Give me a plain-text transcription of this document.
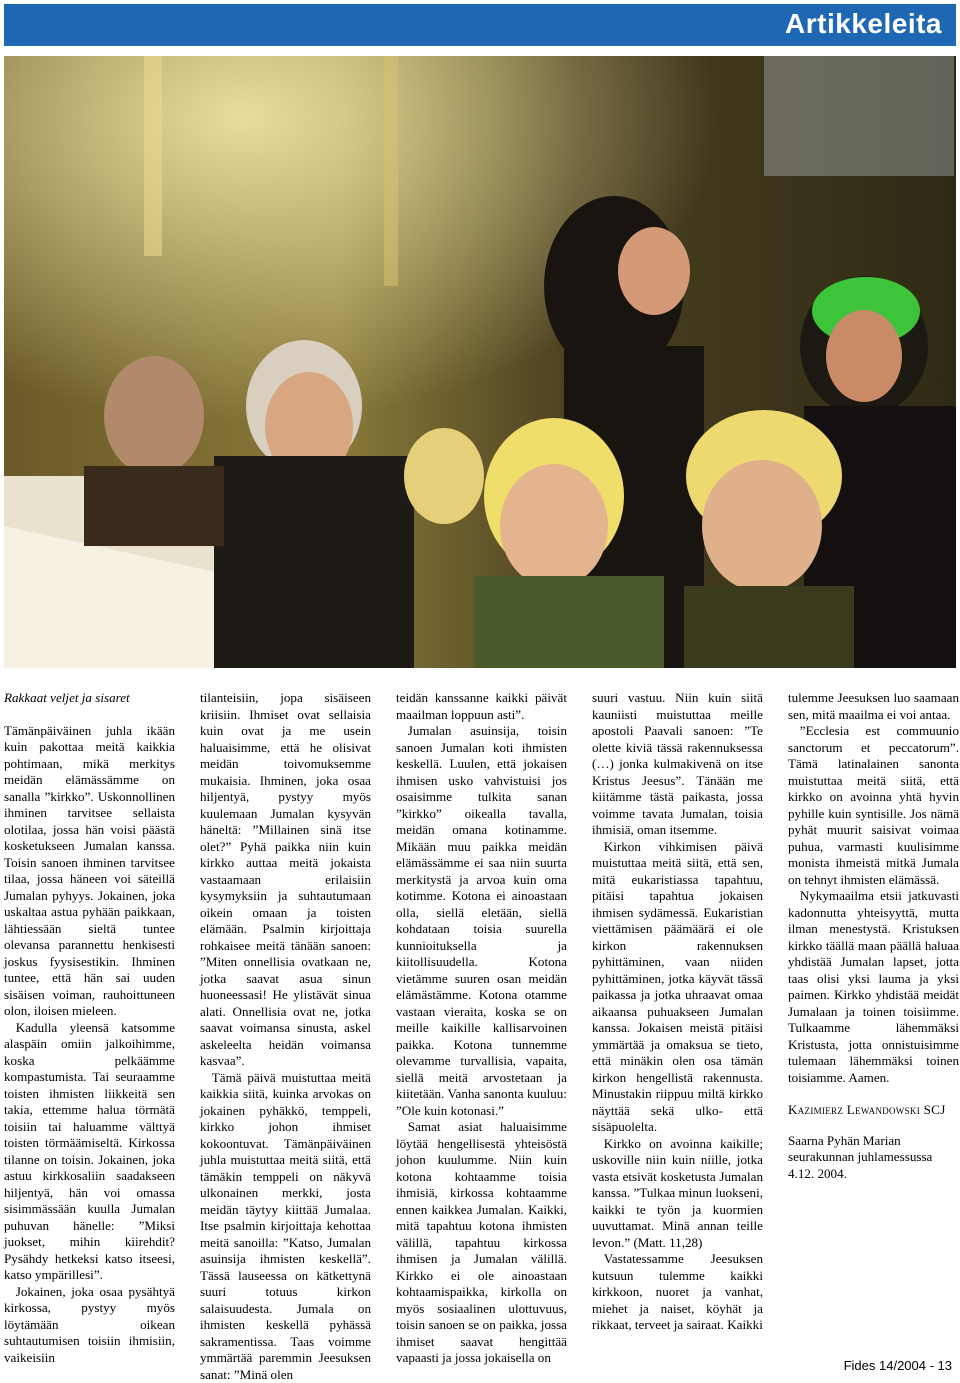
Artikkeleita

Rakkaat veljet ja sisaret

Tämänpäiväinen juhla ikään kuin pakottaa meitä kaikkia pohtimaan, mikä merkitys meidän elämässämme on sanalla ”kirkko”. Uskonnollinen ihminen tarvitsee sellaista olotilaa, jossa hän voisi päästä kosketukseen Jumalan kanssa. Toisin sanoen ihminen tarvitsee tilaa, jossa häneen voi säteillä Jumalan pyhyys. Jokainen, joka uskaltaa astua pyhään paikkaan, lähtiessään sieltä tuntee olevansa parannettu henkisesti joskus fyysisestikin. Ihminen tuntee, että hän sai uuden sisäisen voiman, rauhoittuneen olon, iloisen mieleen.

Kadulla yleensä katsomme alaspäin omiin jalkoihimme, koska pelkäämme kompastumista. Tai seuraamme toisten ihmisten liikkeitä sen takia, ettemme halua törmätä toisiin tai haluamme välttyä toisten törmäämiseltä. Kirkossa tilanne on toisin. Jokainen, joka astuu kirkkosaliin saadakseen hiljentyä, hän voi omassa sisimmässään kuulla Jumalan puhuvan hänelle: ”Miksi juokset, mihin kiirehdit? Pysähdy hetkeksi katso itseesi, katso ympärillesi”.

Jokainen, joka osaa pysähtyä kirkossa, pystyy myös löytämään oikean suhtautumisen toisiin ihmisiin, vaikeisiin

tilanteisiin, jopa sisäiseen kriisiin. Ihmiset ovat sellaisia kuin ovat ja me usein haluaisimme, että he olisivat meidän toivomuksemme mukaisia. Ihminen, joka osaa hiljentyä, pystyy myös kuulemaan Jumalan kysyvän häneltä: ”Millainen sinä itse olet?” Pyhä paikka niin kuin kirkko auttaa meitä jokaista vastaamaan erilaisiin kysymyksiin ja suhtautumaan oikein omaan ja toisten elämään. Psalmin kirjoittaja rohkaisee meitä tänään sanoen: ”Miten onnellisia ovatkaan ne, jotka saavat asua sinun huoneessasi! He ylistävät sinua alati. Onnellisia ovat ne, jotka saavat voimansa sinusta, askel askeleelta heidän voimansa kasvaa”.

Tämä päivä muistuttaa meitä kaikkia siitä, kuinka arvokas on jokainen pyhäkkö, temppeli, kirkko johon ihmiset kokoontuvat. Tämänpäiväinen juhla muistuttaa meitä siitä, että tämäkin temppeli on näkyvä ulkonainen merkki, josta meidän täytyy kiittää Jumalaa. Itse psalmin kirjoittaja kehottaa meitä sanoilla: ”Katso, Jumalan asuinsija ihmisten keskellä”. Tässä lauseessa on kätkettynä suuri totuus kirkon salaisuudesta. Jumala on ihmisten keskellä pyhässä sakramentissa. Taas voimme ymmärtää paremmin Jeesuksen sanat: ”Minä olen

teidän kanssanne kaikki päivät maailman loppuun asti”.

Jumalan asuinsija, toisin sanoen Jumalan koti ihmisten keskellä. Luulen, että jokaisen ihmisen usko vahvistuisi jos osaisimme tulkita sanan ”kirkko” oikealla tavalla, meidän omana kotinamme. Mikään muu paikka meidän elämässämme ei saa niin suurta merkitystä ja arvoa kuin oma kotimme. Kotona ei ainoastaan olla, siellä eletään, siellä kohdataan toisia suurella kunnioituksella ja kiitollisuudella. Kotona vietämme suuren osan meidän elämästämme. Kotona otamme vastaan vieraita, koska se on meille kaikille kallisarvoinen paikka. Kotona tunnemme olevamme turvallisia, vapaita, siellä meitä arvostetaan ja kiitetään. Vanha sanonta kuuluu: ”Ole kuin kotonasi.”

Samat asiat haluaisimme löytää hengellisestä yhteisöstä johon kuulumme. Niin kuin kotona kohtaamme toisia ihmisiä, kirkossa kohtaamme ennen kaikkea Jumalan. Kaikki, mitä tapahtuu kotona ihmisten välillä, tapahtuu kirkossa ihmisen ja Jumalan välillä. Kirkko ei ole ainoastaan kohtaamispaikka, kirkolla on myös sosiaalinen ulottuvuus, toisin sanoen se on paikka, jossa ihmiset saavat hengittää vapaasti ja jossa jokaisella on

suuri vastuu. Niin kuin siitä kauniisti muistuttaa meille apostoli Paavali sanoen: ”Te olette kiviä tässä rakennuksessa (…) jonka kulmakivenä on itse Kristus Jeesus”. Tänään me kiitämme tästä paikasta, jossa voimme tavata Jumalan, toisia ihmisiä, oman itsemme.

Kirkon vihkimisen päivä muistuttaa meitä siitä, että sen, mitä eukaristiassa tapahtuu, pitäisi tapahtua jokaisen ihmisen sydämessä. Eukaristian viettämisen päämäärä ei ole kirkon rakennuksen pyhittäminen, vaan niiden pyhittäminen, jotka käyvät tässä paikassa ja jotka uhraavat omaa aikaansa puhuakseen Jumalan kanssa. Jokaisen meistä pitäisi ymmärtää ja omaksua se tieto, että minäkin olen osa tämän kirkon hengellistä rakennusta. Minustakin riippuu miltä kirkko näyttää sekä ulko- että sisäpuolelta.

Kirkko on avoinna kaikille; uskoville niin kuin niille, jotka vasta etsivät kosketusta Jumalan kanssa. ”Tulkaa minun luokseni, kaikki te työn ja kuormien uuvuttamat. Minä annan teille levon.” (Matt. 11,28)

Vastatessamme Jeesuksen kutsuun tulemme kaikki kirkkoon, nuoret ja vanhat, miehet ja naiset, köyhät ja rikkaat, terveet ja sairaat. Kaikki

tulemme Jeesuksen luo saamaan sen, mitä maailma ei voi antaa.

”Ecclesia est commuunio sanctorum et peccatorum”. Tämä latinalainen sanonta muistuttaa meitä siitä, että kirkko on avoinna yhtä hyvin pyhille kuin syntisille. Jos nämä pyhät muurit saisivat voimaa puhua, varmasti kuulisimme monista ihmeistä mitkä Jumala on tehnyt ihmisten elämässä.

Nykymaailma etsii jatkuvasti kadonnutta yhteisyyttä, mutta ilman menestystä. Kristuksen kirkko täällä maan päällä haluaa yhdistää Jumalan lapset, jotta taas olisi yksi lauma ja yksi paimen. Kirkko yhdistää meidät Jumalaan ja toinen toisiimme. Tulkaamme lähemmäksi Kristusta, jotta onnistuisimme tulemaan lähemmäksi toinen toisiamme. Aamen.

Kazimierz Lewandowski SCJ

Saarna Pyhän Marian seurakunnan juhlamessussa 4.12. 2004.

Fides 14/2004 - 13
